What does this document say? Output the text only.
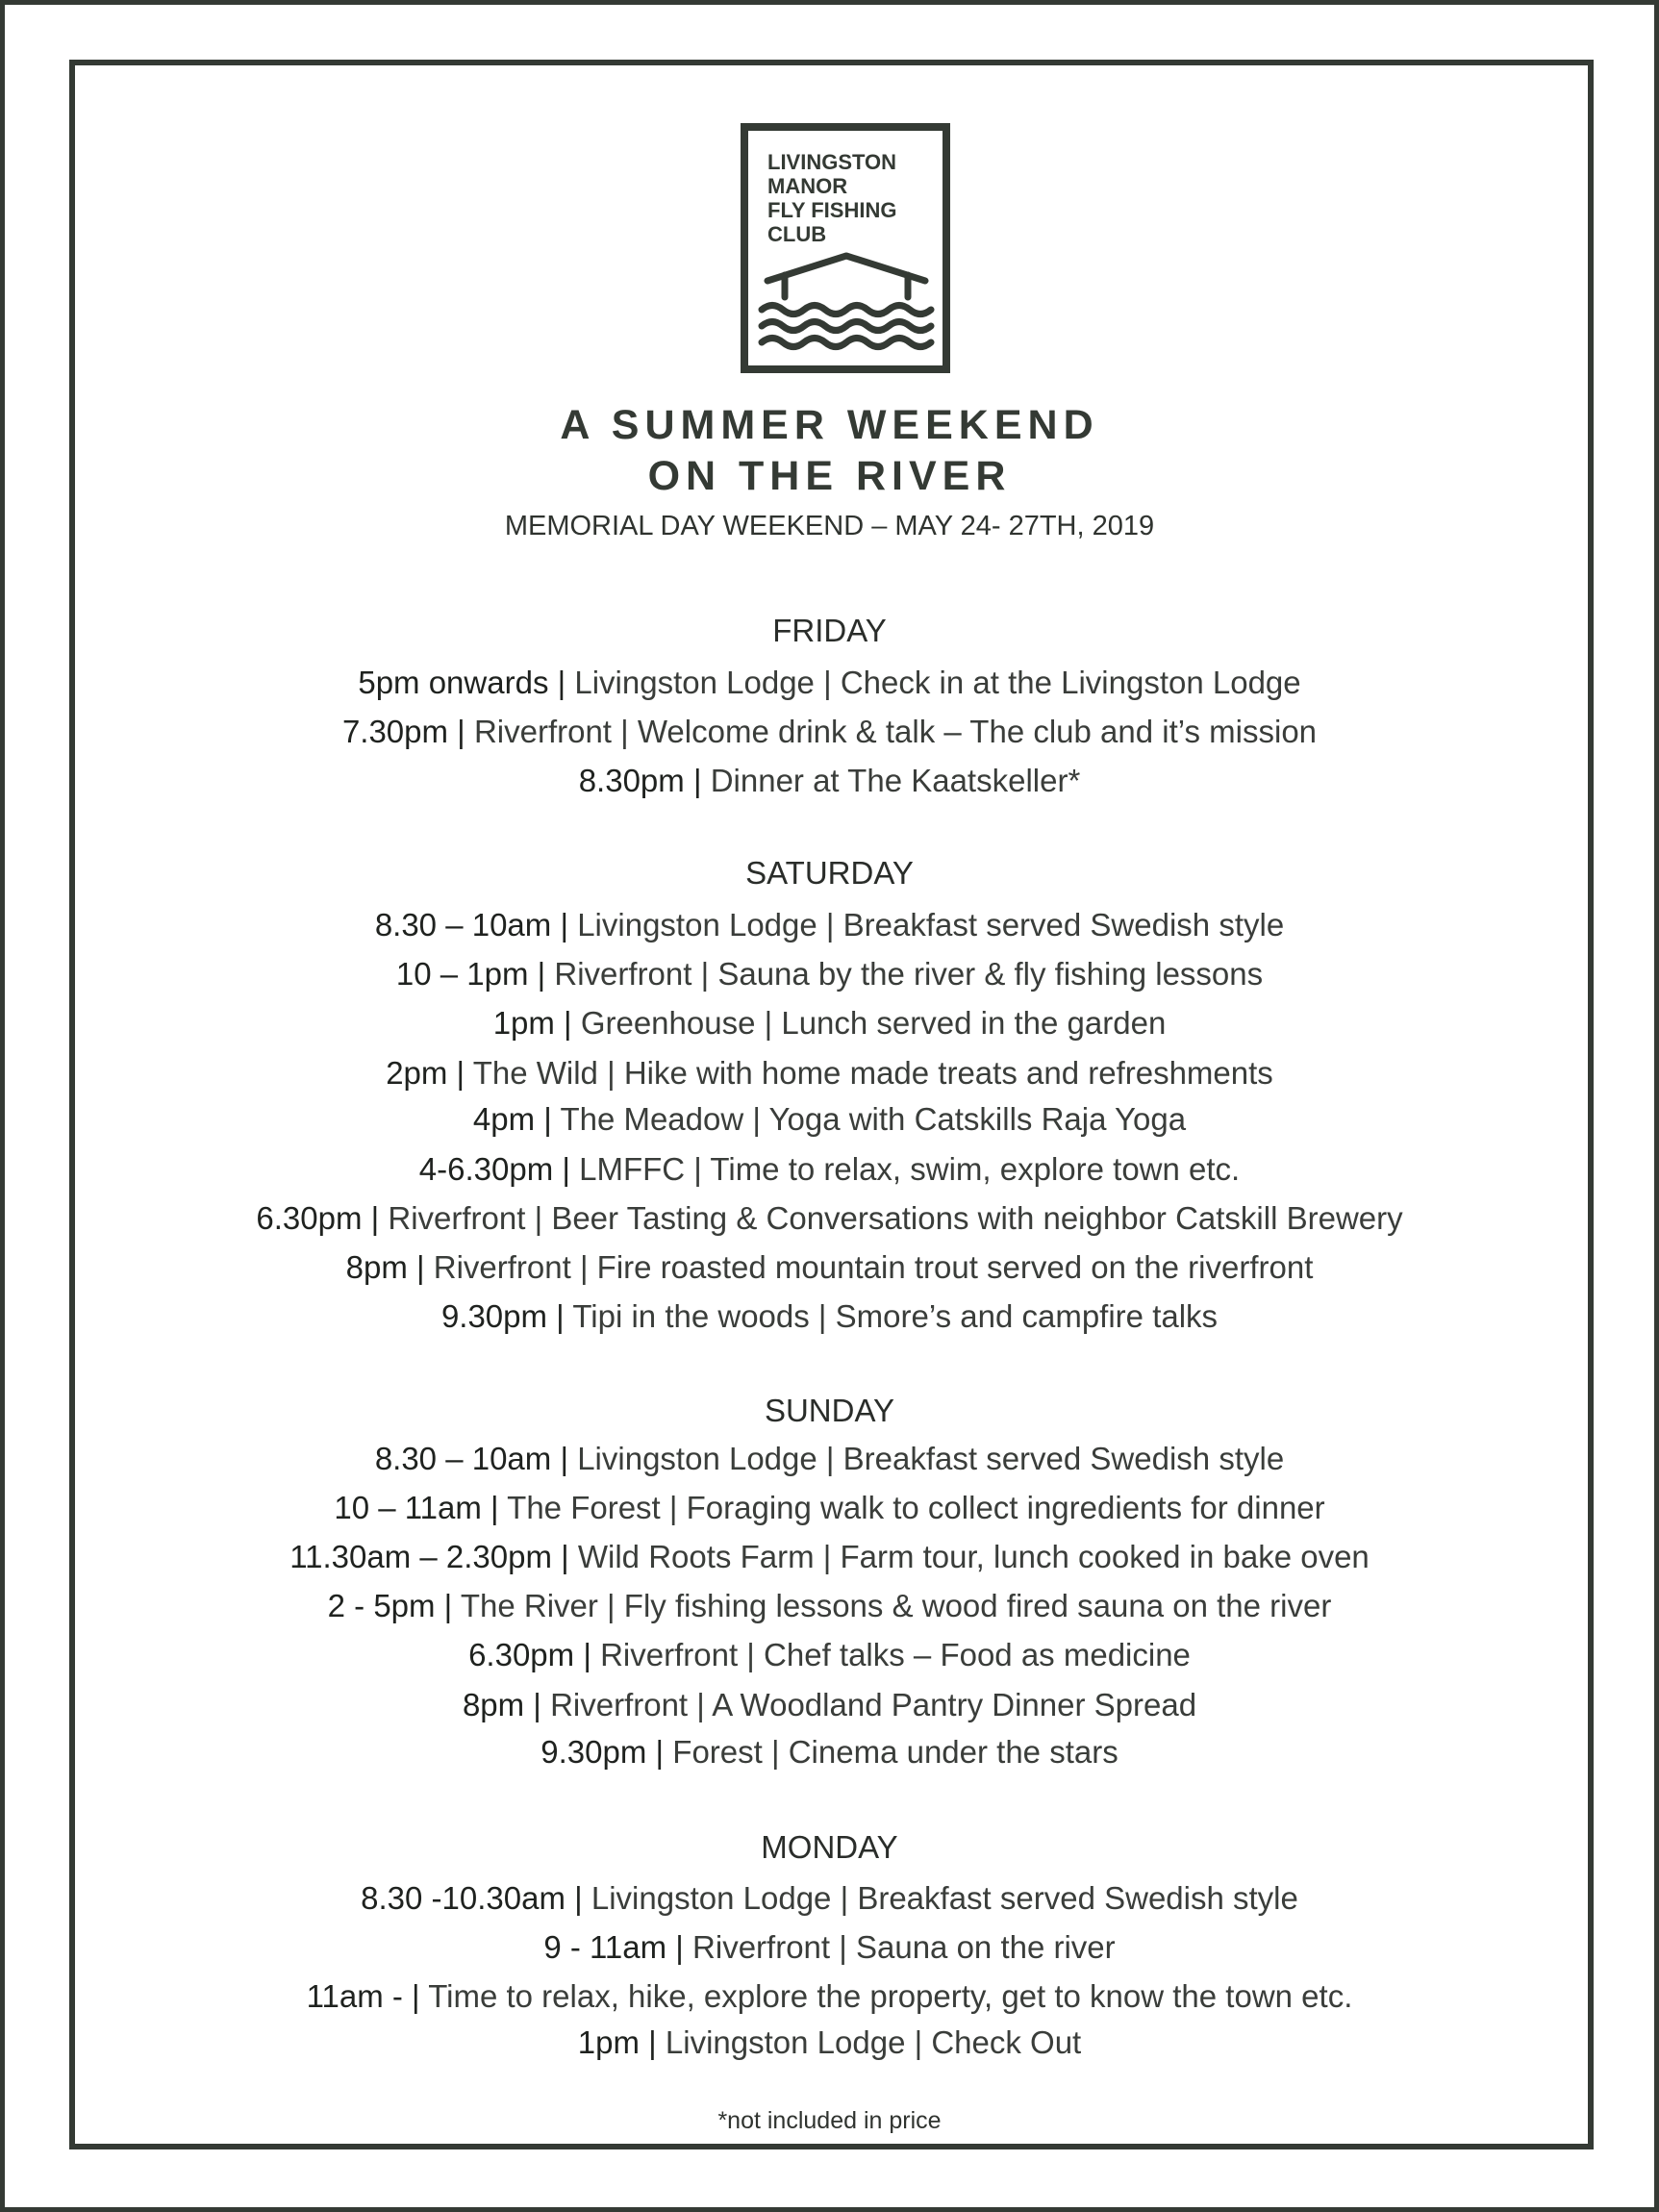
LIVINGSTON
MANOR
FLY FISHING
CLUB
A SUMMER WEEKEND
ON THE RIVER
MEMORIAL DAY WEEKEND – MAY 24- 27TH, 2019
FRIDAY
5pm onwards | Livingston Lodge | Check in at the Livingston Lodge
7.30pm | Riverfront | Welcome drink & talk – The club and it’s mission
8.30pm | Dinner at The Kaatskeller*
SATURDAY
8.30 – 10am | Livingston Lodge | Breakfast served Swedish style
10 – 1pm | Riverfront | Sauna by the river & fly fishing lessons
1pm | Greenhouse | Lunch served in the garden
2pm | The Wild | Hike with home made treats and refreshments
4pm | The Meadow | Yoga with Catskills Raja Yoga
4-6.30pm | LMFFC | Time to relax, swim, explore town etc.
6.30pm | Riverfront | Beer Tasting & Conversations with neighbor Catskill Brewery
8pm | Riverfront | Fire roasted mountain trout served on the riverfront
9.30pm | Tipi in the woods | Smore’s and campfire talks
SUNDAY
8.30 – 10am | Livingston Lodge | Breakfast served Swedish style
10 – 11am | The Forest | Foraging walk to collect ingredients for dinner
11.30am – 2.30pm | Wild Roots Farm | Farm tour, lunch cooked in bake oven
2 - 5pm | The River | Fly fishing lessons & wood fired sauna on the river
6.30pm | Riverfront | Chef talks – Food as medicine
8pm | Riverfront | A Woodland Pantry Dinner Spread
9.30pm | Forest | Cinema under the stars
MONDAY
8.30 -10.30am | Livingston Lodge | Breakfast served Swedish style
9 - 11am | Riverfront | Sauna on the river
11am - | Time to relax, hike, explore the property, get to know the town etc.
1pm | Livingston Lodge | Check Out
*not included in price
